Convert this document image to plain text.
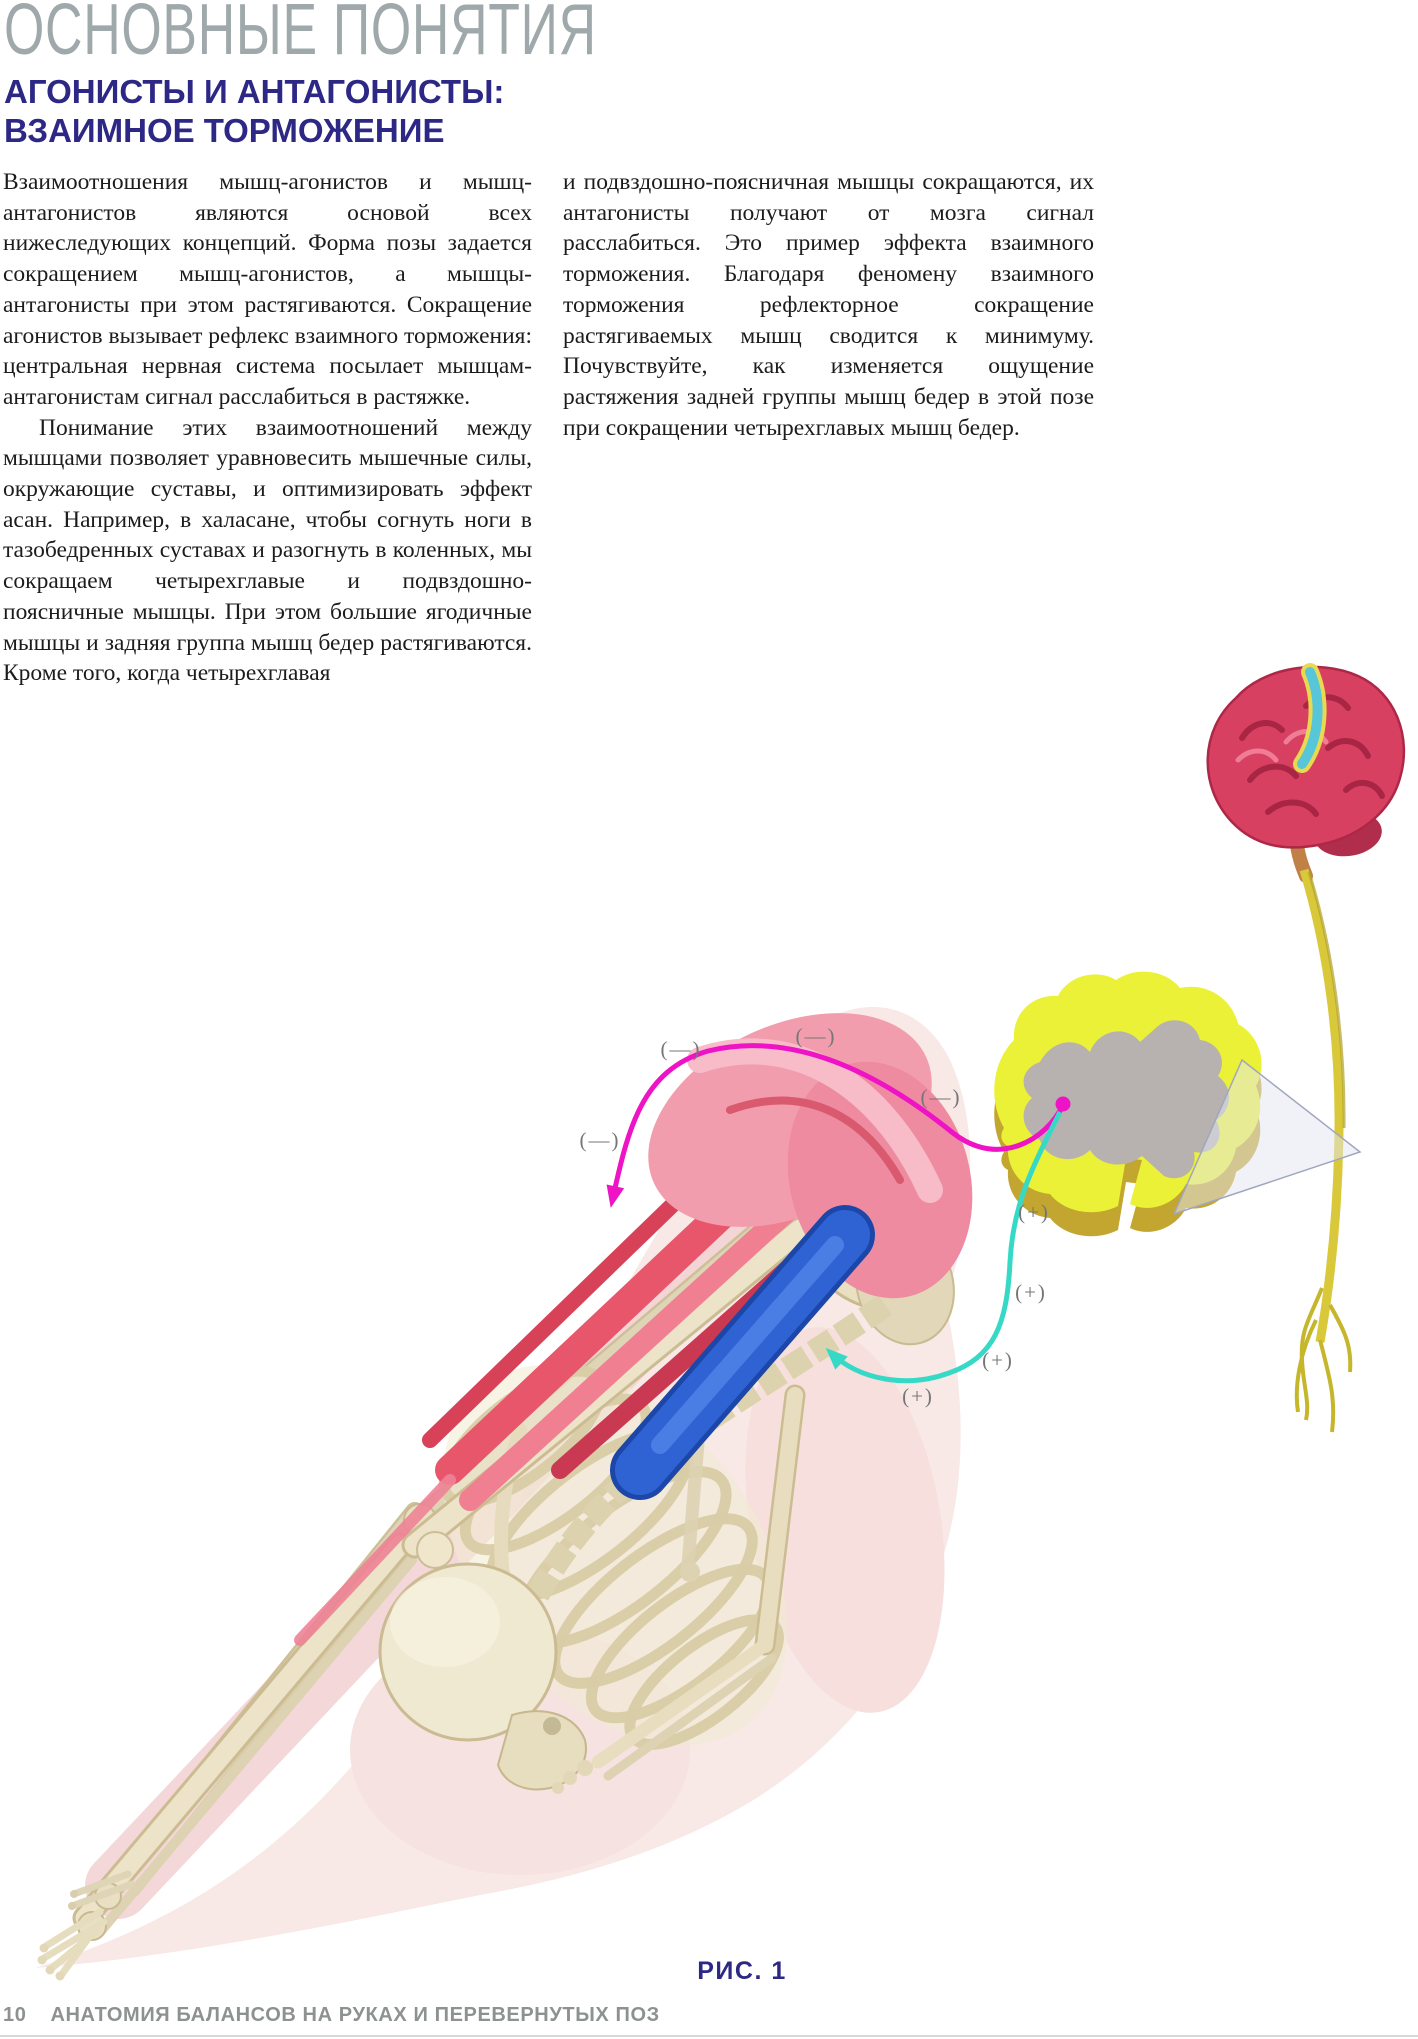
(—)
(—)
(—)
(—)
(+)
(+)
(+)
(+)
ОСНОВНЫЕ ПОНЯТИЯ
АГОНИСТЫ И АНТАГОНИСТЫ:
ВЗАИМНОЕ ТОРМОЖЕНИЕ

Взаимоотношения мышц-агонистов и мышц-антагонистов являются основой всех нижеследующих концепций. Форма позы задается сокращением мышц-агонистов, а мышцы-антагонисты при этом растягиваются. Сокращение агонистов вызывает рефлекс взаимного торможения: центральная нервная система посылает мышцам-антагонистам сигнал расслабиться в растяжке.

Понимание этих взаимоотношений между мышцами позволяет уравновесить мышечные силы, окружающие суставы, и оптимизировать эффект асан. Например, в халасане, чтобы согнуть ноги в тазобедренных суставах и разогнуть в коленных, мы сокращаем четырехглавые и подвздошно-поясничные мышцы. При этом большие ягодичные мышцы и задняя группа мышц бедер растягиваются. Кроме того, когда четырехглавая

и подвздошно-поясничная мышцы сокращаются, их антагонисты получают от мозга сигнал расслабиться. Это пример эффекта взаимного торможения. Благодаря феномену взаимного торможения рефлекторное сокращение растягиваемых мышц сводится к минимуму. Почувствуйте, как изменяется ощущение растяжения задней группы мышц бедер в этой позе при сокращении четырехглавых мышц бедер.

РИС. 1
10 АНАТОМИЯ БАЛАНСОВ НА РУКАХ И ПЕРЕВЕРНУТЫХ ПОЗ
